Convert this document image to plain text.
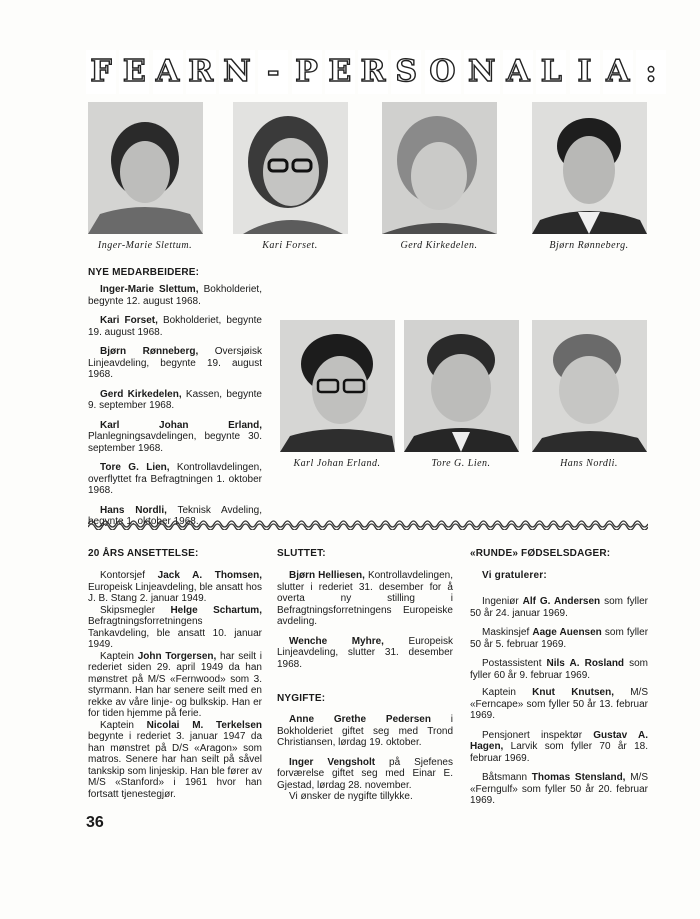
F E A R N - P E R S O N A L I A :
Inger-Marie Slettum.	Kari Forset.	Gerd Kirkedelen.	Bjørn Rønneberg.
NYE MEDARBEIDERE:

Inger-Marie Slettum, Bokholderiet, begynte 12. august 1968.

Kari Forset, Bokholderiet, begynte 19. august 1968.

Bjørn Rønneberg, Oversjøisk Linjeavdeling, begynte 19. august 1968.

Gerd Kirkedelen, Kassen, begynte 9. september 1968.

Karl Johan Erland, Planlegningsavdelingen, begynte 30. september 1968.

Tore G. Lien, Kontrollavdelingen, overflyttet fra Befragtningen 1. oktober 1968.

Hans Nordli, Teknisk Avdeling, begynte 1. oktober 1968.

Karl Johan Erland.	Tore G. Lien.	Hans Nordli.
20 ÅRS ANSETTELSE:

Kontorsjef Jack A. Thomsen, Europeisk Linjeavdeling, ble ansatt hos J. B. Stang 2. januar 1949.

Skipsmegler Helge Schartum, Befragtningsforretningens Tankavdeling, ble ansatt 10. januar 1949.

Kaptein John Torgersen, har seilt i rederiet siden 29. april 1949 da han mønstret på M/S «Fernwood» som 3. styrmann. Han har senere seilt med en rekke av våre linje- og bulkskip. Han er for tiden hjemme på ferie.

Kaptein Nicolai M. Terkelsen begynte i rederiet 3. januar 1947 da han mønstret på D/S «Aragon» som matros. Senere har han seilt på såvel tankskip som linjeskip. Han ble fører av M/S «Stanford» i 1961 hvor han fortsatt tjenestegjør.

SLUTTET:

Bjørn Helliesen, Kontrollavdelingen, slutter i rederiet 31. desember for å overta ny stilling i Befragtningsforretningens Europeiske avdeling.

Wenche Myhre, Europeisk Linjeavdeling, slutter 31. desember 1968.

NYGIFTE:

Anne Grethe Pedersen i Bokholderiet giftet seg med Trond Christiansen, lørdag 19. oktober.

Inger Vengsholt på Sjefenes forværelse giftet seg med Einar E. Gjestad, lørdag 28. november.

Vi ønsker de nygifte tillykke.

«RUNDE» FØDSELSDAGER:
Vi gratulerer:

Ingeniør Alf G. Andersen som fyller 50 år 24. januar 1969.

Maskinsjef Aage Auensen som fyller 50 år 5. februar 1969.

Postassistent Nils A. Rosland som fyller 60 år 9. februar 1969.

Kaptein Knut Knutsen, M/S «Ferncape» som fyller 50 år 13. februar 1969.

Pensjonert inspektør Gustav A. Hagen, Larvik som fyller 70 år 18. februar 1969.

Båtsmann Thomas Stensland, M/S «Ferngulf» som fyller 50 år 20. februar 1969.

36
